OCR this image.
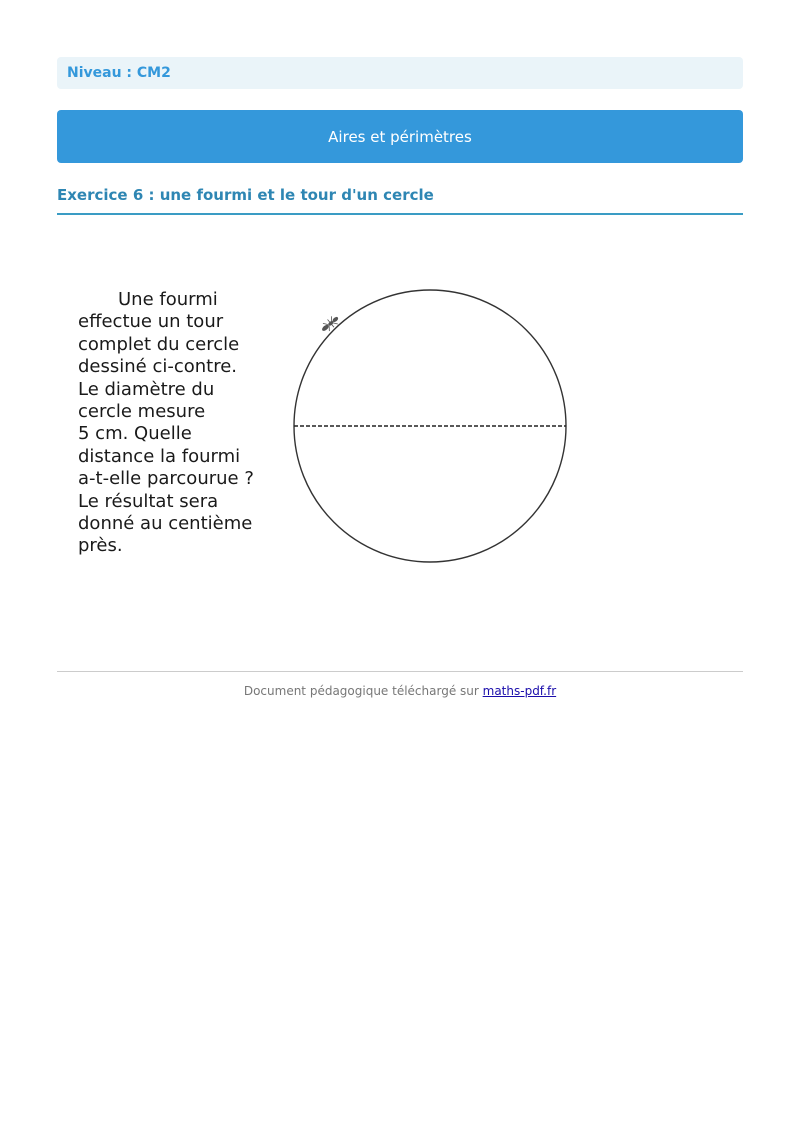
Niveau : CM2
Aires et périmètres
Exercice 6 : une fourmi et le tour d'un cercle
Une fourmi
effectue un tour
complet du cercle
dessiné ci-contre.
Le diamètre du
cercle mesure
5 cm. Quelle
distance la fourmi
a-t-elle parcourue ?
Le résultat sera
donné au centième
près.
Document pédagogique téléchargé sur maths-pdf.fr
